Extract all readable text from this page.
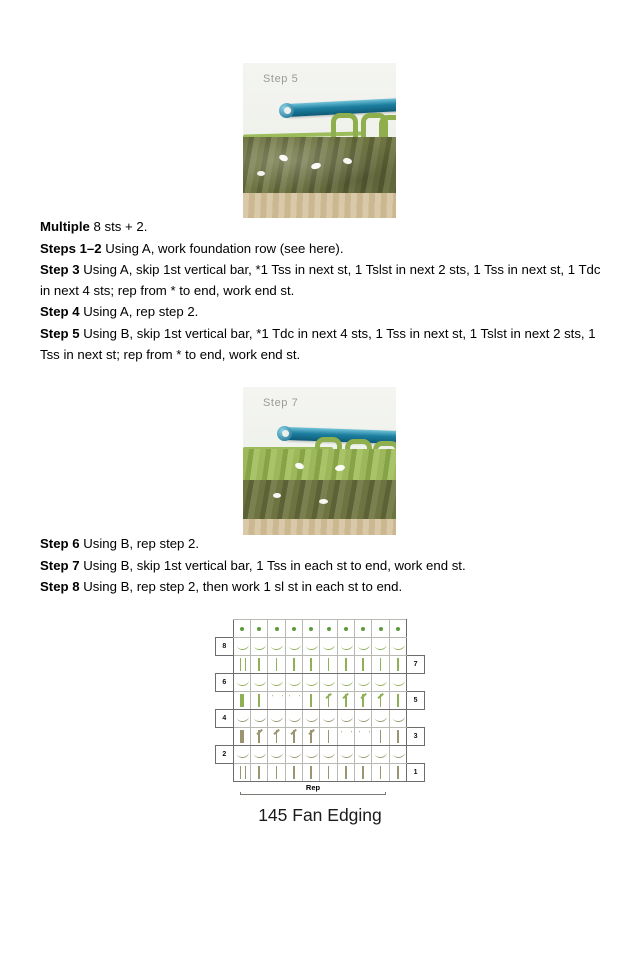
Step 5

Multiple 8 sts + 2.

Steps 1–2 Using A, work foundation row (see here).

Step 3 Using A, skip 1st vertical bar, *1 Tss in next st, 1 Tslst in next 2 sts, 1 Tss in next st, 1 Tdc in next 4 sts; rep from * to end, work end st.

Step 4 Using A, rep step 2.

Step 5 Using B, skip 1st vertical bar, *1 Tdc in next 4 sts, 1 Tss in next st, 1 Tslst in next 2 sts, 1 Tss in next st; rep from * to end, work end st.

Step 7

Step 6 Using B, rep step 2.

Step 7 Using B, skip 1st vertical bar, 1 Tss in each st to end, work end st.

Step 8 Using B, rep step 2, then work 1 sl st in each st to end.

8	

	7
6	

	5
4	

	3
2	

	1
Rep
145 Fan Edging
